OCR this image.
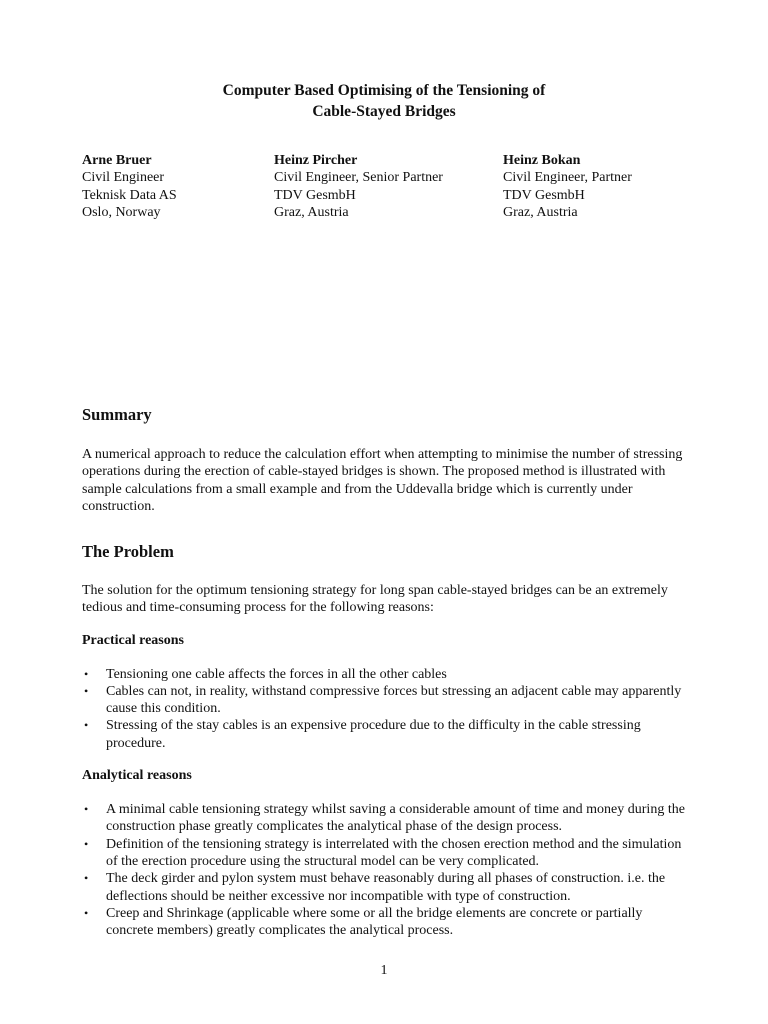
Computer Based Optimising of the Tensioning of
Cable-Stayed Bridges
Arne Bruer
Civil Engineer
Teknisk Data AS
Oslo, Norway
Heinz Pircher
Civil Engineer, Senior Partner
TDV GesmbH
Graz, Austria
Heinz Bokan
Civil Engineer, Partner
TDV GesmbH
Graz, Austria
Summary

A numerical approach to reduce the calculation effort when attempting to minimise the number of stressing operations during the erection of cable-stayed bridges is shown. The proposed method is illustrated with sample calculations from a small example and from the Uddevalla bridge which is currently under construction.

The Problem

The solution for the optimum tensioning strategy for long span cable-stayed bridges can be an extremely tedious and time-consuming process for the following reasons:

Practical reasons
• Tensioning one cable affects the forces in all the other cables
• Cables can not, in reality, withstand compressive forces but stressing an adjacent cable may apparently cause this condition.
• Stressing of the stay cables is an expensive procedure due to the difficulty in the cable stressing procedure.
Analytical reasons
• A minimal cable tensioning strategy whilst saving a considerable amount of time and money during the construction phase greatly complicates the analytical phase of the design process.
• Definition of the tensioning strategy is interrelated with the chosen erection method and the simulation of the erection procedure using the structural model can be very complicated.
• The deck girder and pylon system must behave reasonably during all phases of construction. i.e. the deflections should be neither excessive nor incompatible with type of construction.
• Creep and Shrinkage (applicable where some or all the bridge elements are concrete or partially concrete members) greatly complicates the analytical process.
1
